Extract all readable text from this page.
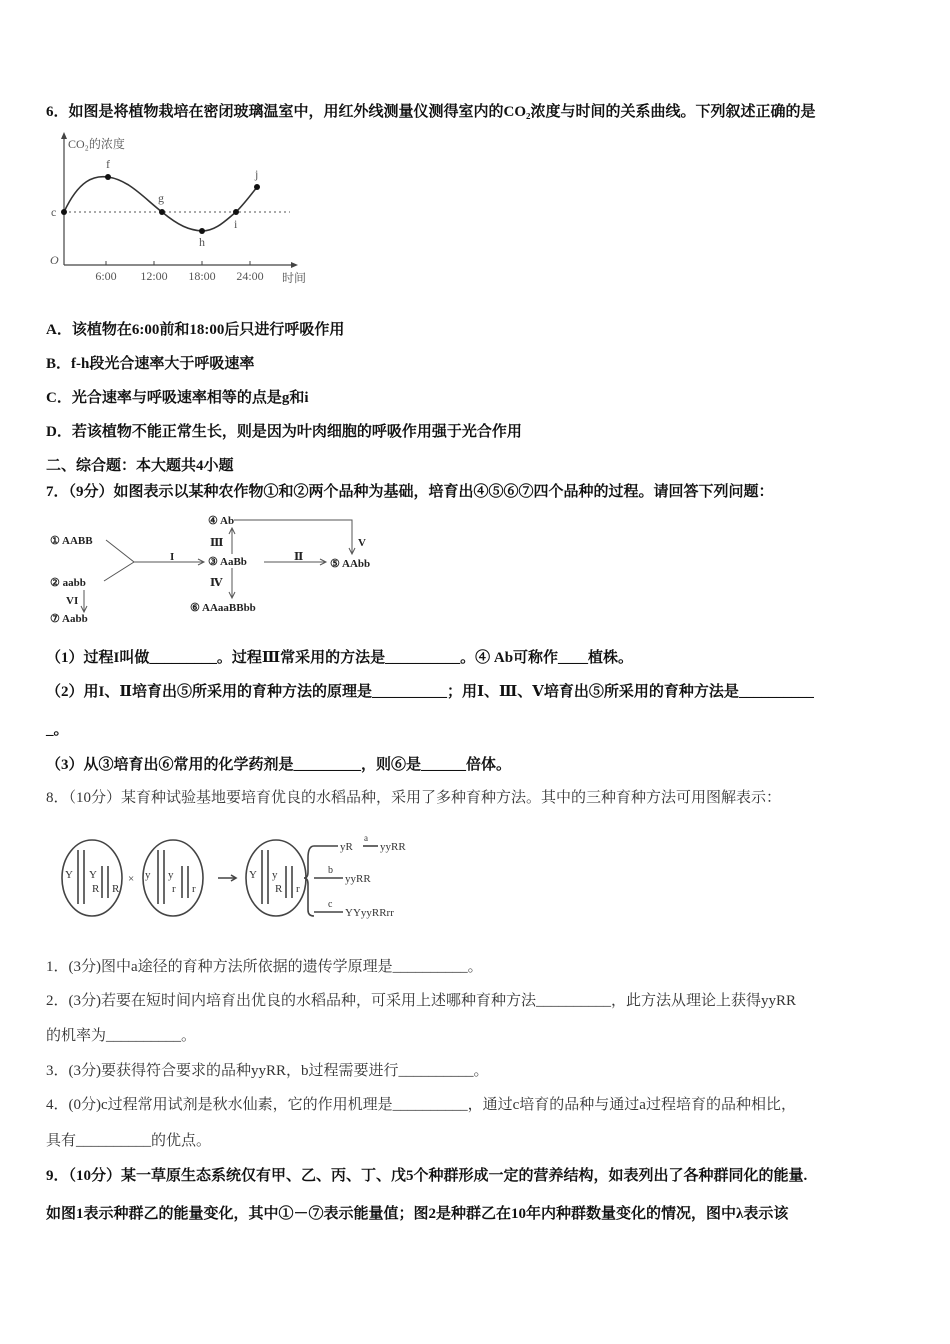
6．如图是将植物栽培在密闭玻璃温室中，用红外线测量仪测得室内的CO₂浓度与时间的关系曲线。下列叙述正确的是
CO₂的浓度
时间
O
c
f
g
h
i
j
6:00 12:00 18:00 24:00
A．该植物在6:00前和18:00后只进行呼吸作用
B．f-h段光合速率大于呼吸速率
C．光合速率与呼吸速率相等的点是g和i
D．若该植物不能正常生长，则是因为叶肉细胞的呼吸作用强于光合作用
二、综合题：本大题共4小题
7．（9分）如图表示以某种农作物①和②两个品种为基础，培育出④⑤⑥⑦四个品种的过程。请回答下列问题：
① AABB
② aabb
⑦ Aabb
③ AaBb
④ Ab
⑥ AAaaBBbb
⑤ AAbb
I	Ⅱ
Ⅲ
Ⅳ
V
VI
（1）过程I叫做_________。过程Ⅲ常采用的方法是__________。④ Ab可称作____植株。
（2）用I、Ⅱ培育出⑤所采用的育种方法的原理是__________；用Ⅰ、Ⅲ、Ⅴ培育出⑤所采用的育种方法是__________
_。
（3）从③培育出⑥常用的化学药剂是_________，则⑥是______倍体。
8．（10分）某育种试验基地要培育优良的水稻品种，采用了多种育种方法。其中的三种育种方法可用图解表示：
Y Y
R R
y y
r r
Y y
R r
×
yR
a
yyRR
b
yyRR
c
YYyyRRrr
1．(3分)图中a途径的育种方法所依据的遗传学原理是__________。
2．(3分)若要在短时间内培育出优良的水稻品种，可采用上述哪种育种方法__________，此方法从理论上获得yyRR
的机率为__________。
3．(3分)要获得符合要求的品种yyRR，b过程需要进行__________。
4．(0分)c过程常用试剂是秋水仙素，它的作用机理是__________，通过c培育的品种与通过a过程培育的品种相比，
具有__________的优点。
9．（10分）某一草原生态系统仅有甲、乙、丙、丁、戊5个种群形成一定的营养结构，如表列出了各种群同化的能量.
如图1表示种群乙的能量变化，其中①－⑦表示能量值；图2是种群乙在10年内种群数量变化的情况，图中λ表示该
